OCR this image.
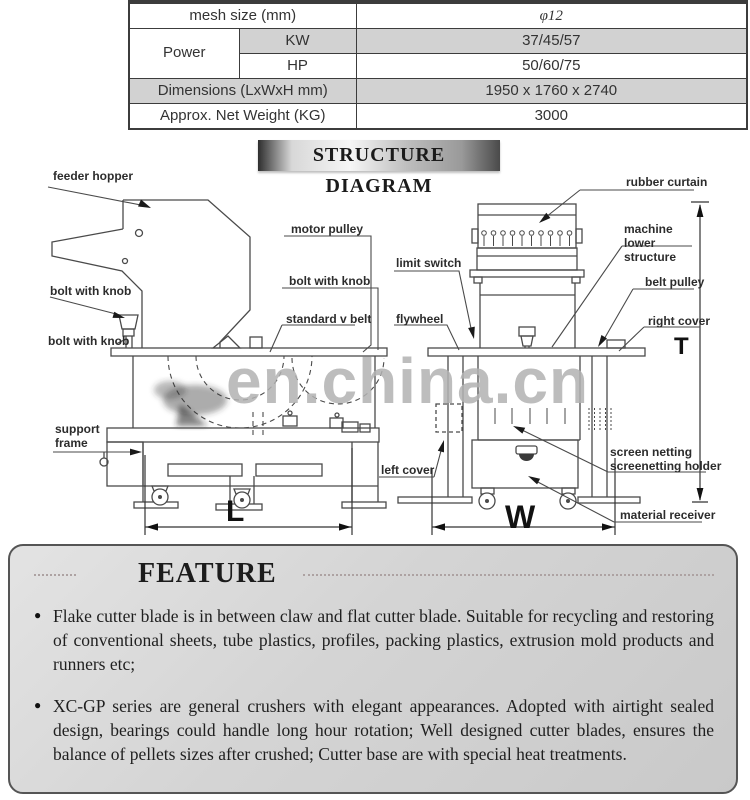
mesh size (mm)		φ12
Power	KW	37/45/57
	HP	50/60/75
Dimensions (LxWxH mm)		1950 x 1760 x 2740
Approx. Net Weight (KG)		3000
STRUCTURE DIAGRAM
en.china.cn
feeder hopper
bolt with knob
bolt with knob
support frame
motor pulley
bolt with knob
standard v belt
limit switch
flywheel
rubber curtain
machine lower structure
belt pulley
right cover
left cover
screen netting
screenetting holder
material receiver
L	W
T
FEATURE

● Flake cutter blade is in between claw and flat cutter blade. Suitable for recycling and restoring of conventional sheets, tube plastics, profiles, packing plastics, extrusion mold products and runners etc;

● XC-GP series are general crushers with elegant appearances. Adopted with airtight sealed design, bearings could handle long hour rotation; Well designed cutter blades, ensures the balance of pellets sizes after crushed; Cutter base are with special heat treatments.
